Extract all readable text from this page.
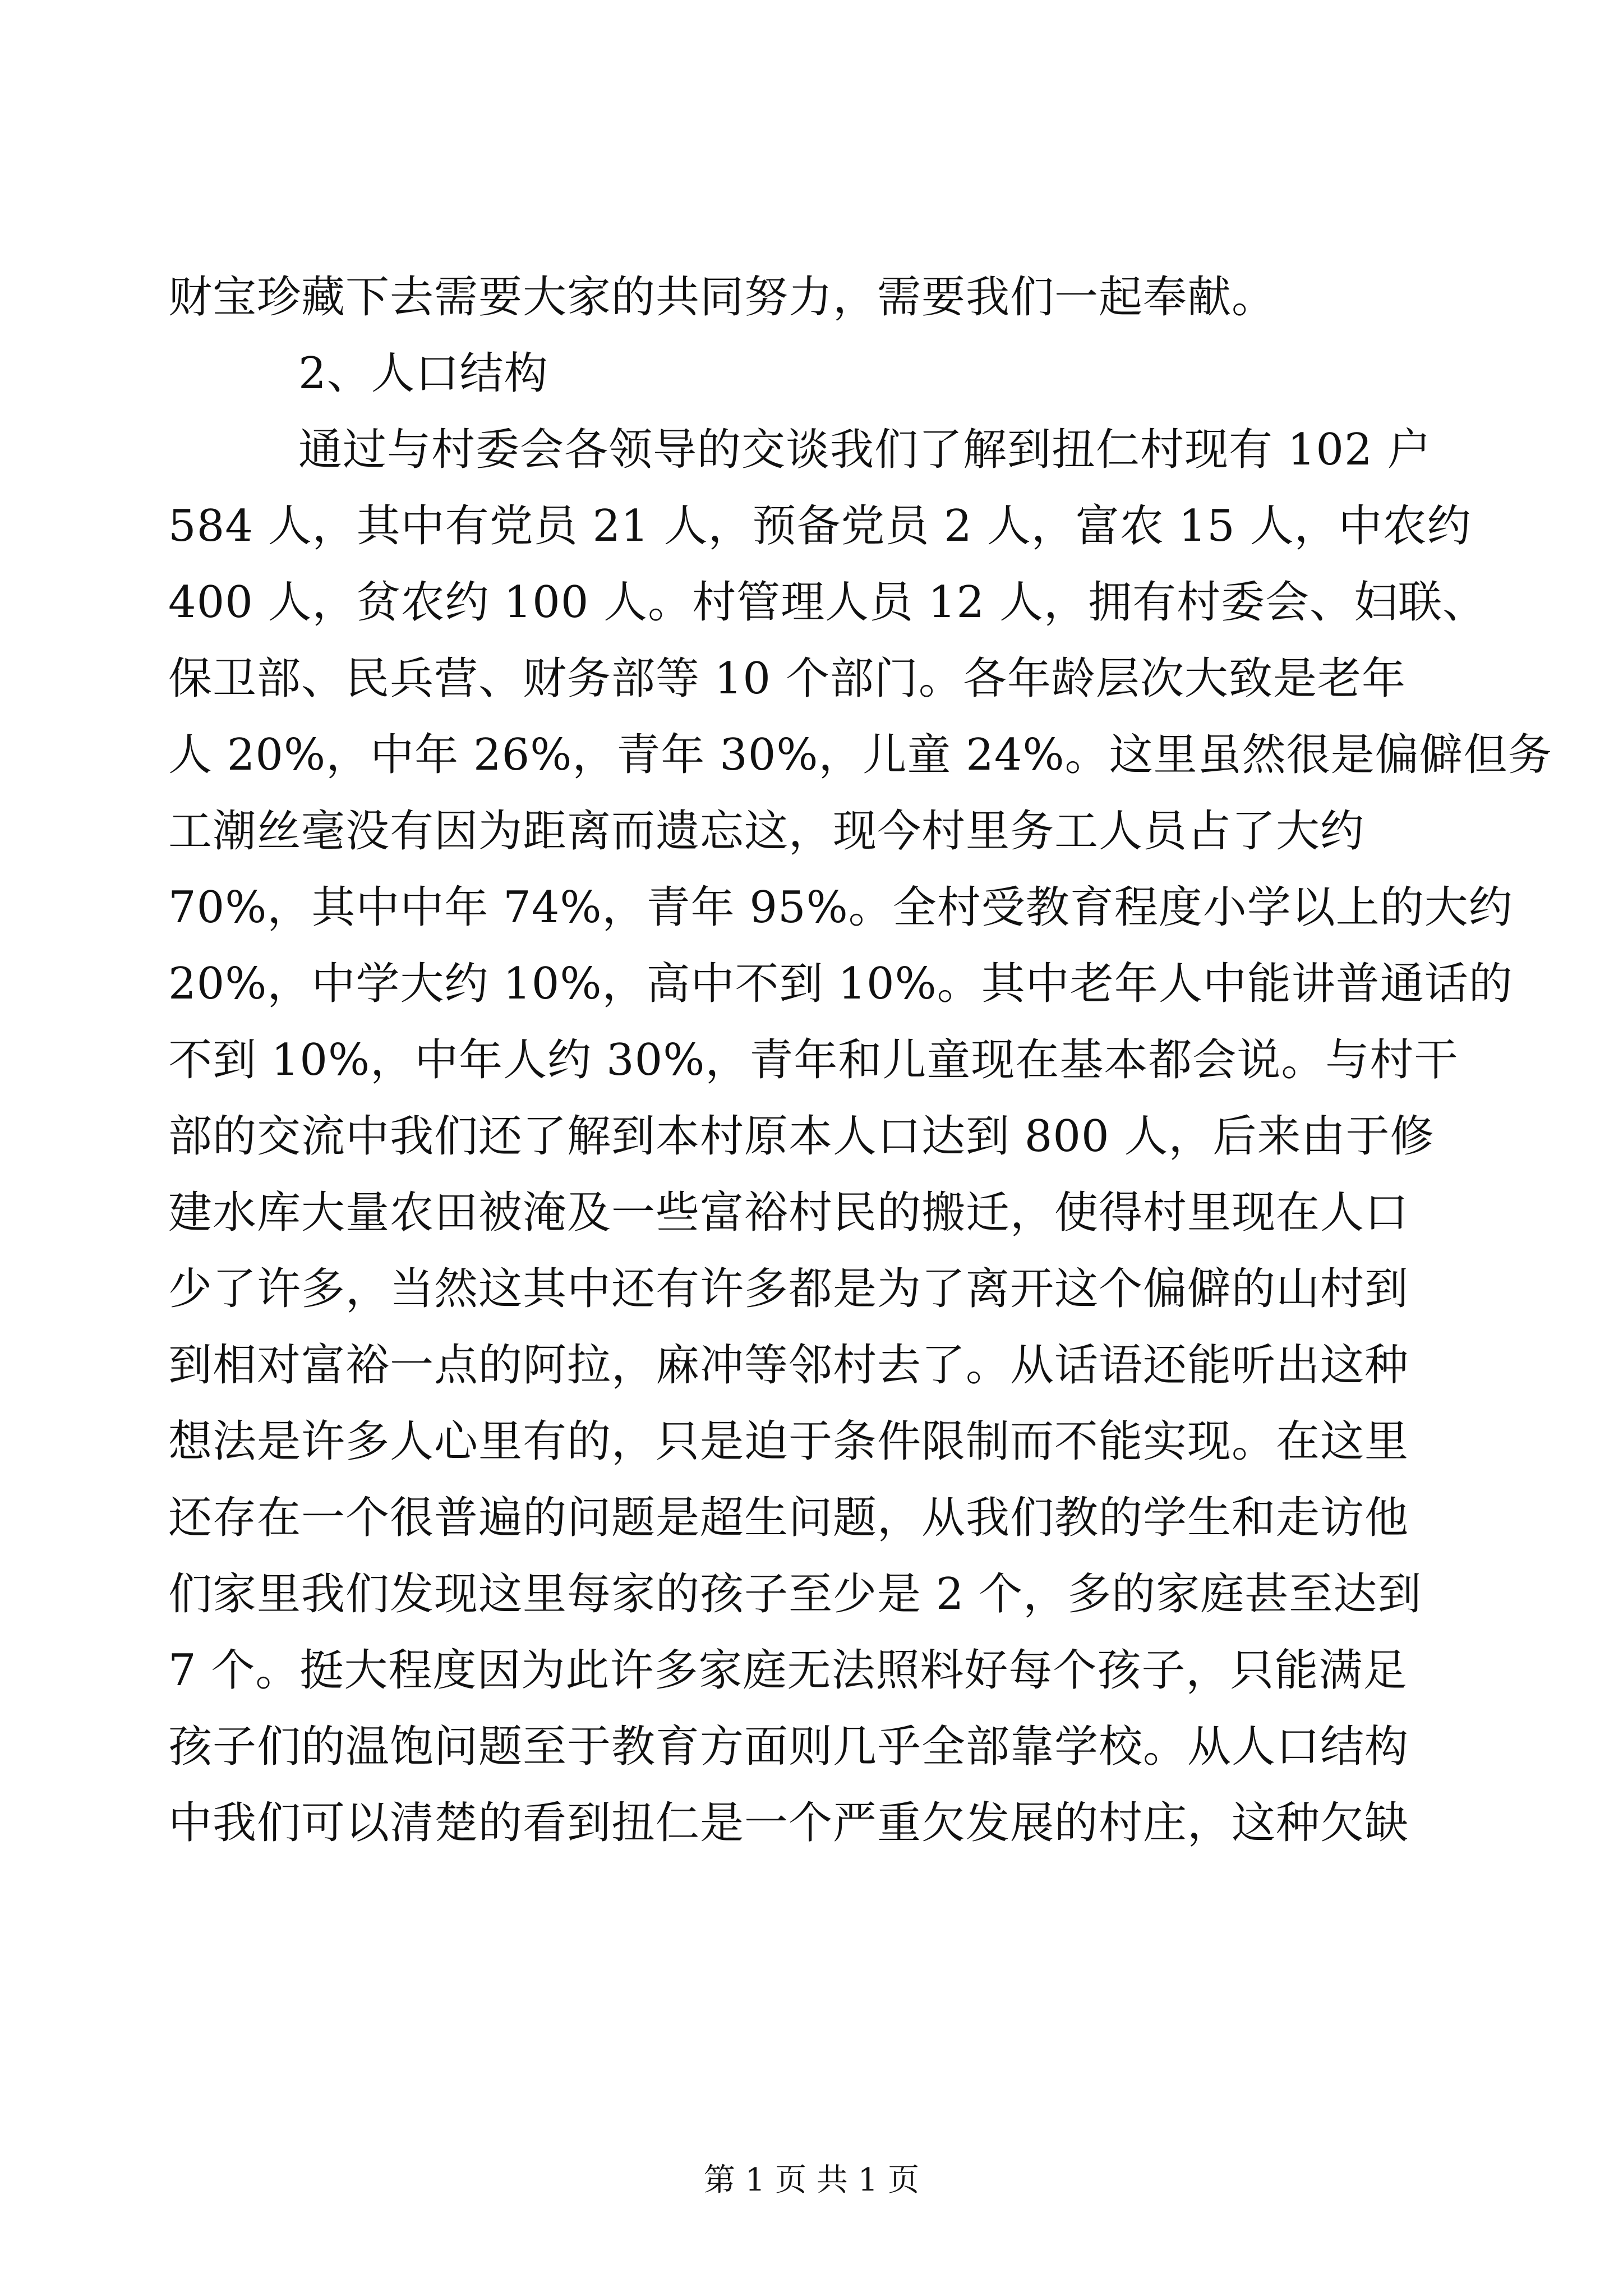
财宝珍藏下去需要大家的共同努力，需要我们一起奉献。
2、人口结构
通过与村委会各领导的交谈我们了解到扭仁村现有 102 户
584 人，其中有党员 21 人，预备党员 2 人，富农 15 人，中农约
400 人，贫农约 100 人。村管理人员 12 人，拥有村委会、妇联、
保卫部、民兵营、财务部等 10 个部门。各年龄层次大致是老年
人 20%，中年 26%，青年 30%，儿童 24%。这里虽然很是偏僻但务
工潮丝毫没有因为距离而遗忘这，现今村里务工人员占了大约
70%，其中中年 74%，青年 95%。全村受教育程度小学以上的大约
20%，中学大约 10%，高中不到 10%。其中老年人中能讲普通话的
不到 10%，中年人约 30%，青年和儿童现在基本都会说。与村干
部的交流中我们还了解到本村原本人口达到 800 人，后来由于修
建水库大量农田被淹及一些富裕村民的搬迁，使得村里现在人口
少了许多，当然这其中还有许多都是为了离开这个偏僻的山村到
到相对富裕一点的阿拉，麻冲等邻村去了。从话语还能听出这种
想法是许多人心里有的，只是迫于条件限制而不能实现。在这里
还存在一个很普遍的问题是超生问题，从我们教的学生和走访他
们家里我们发现这里每家的孩子至少是 2 个，多的家庭甚至达到
7 个。挺大程度因为此许多家庭无法照料好每个孩子，只能满足
孩子们的温饱问题至于教育方面则几乎全部靠学校。从人口结构
中我们可以清楚的看到扭仁是一个严重欠发展的村庄，这种欠缺
第 1 页 共 1 页
